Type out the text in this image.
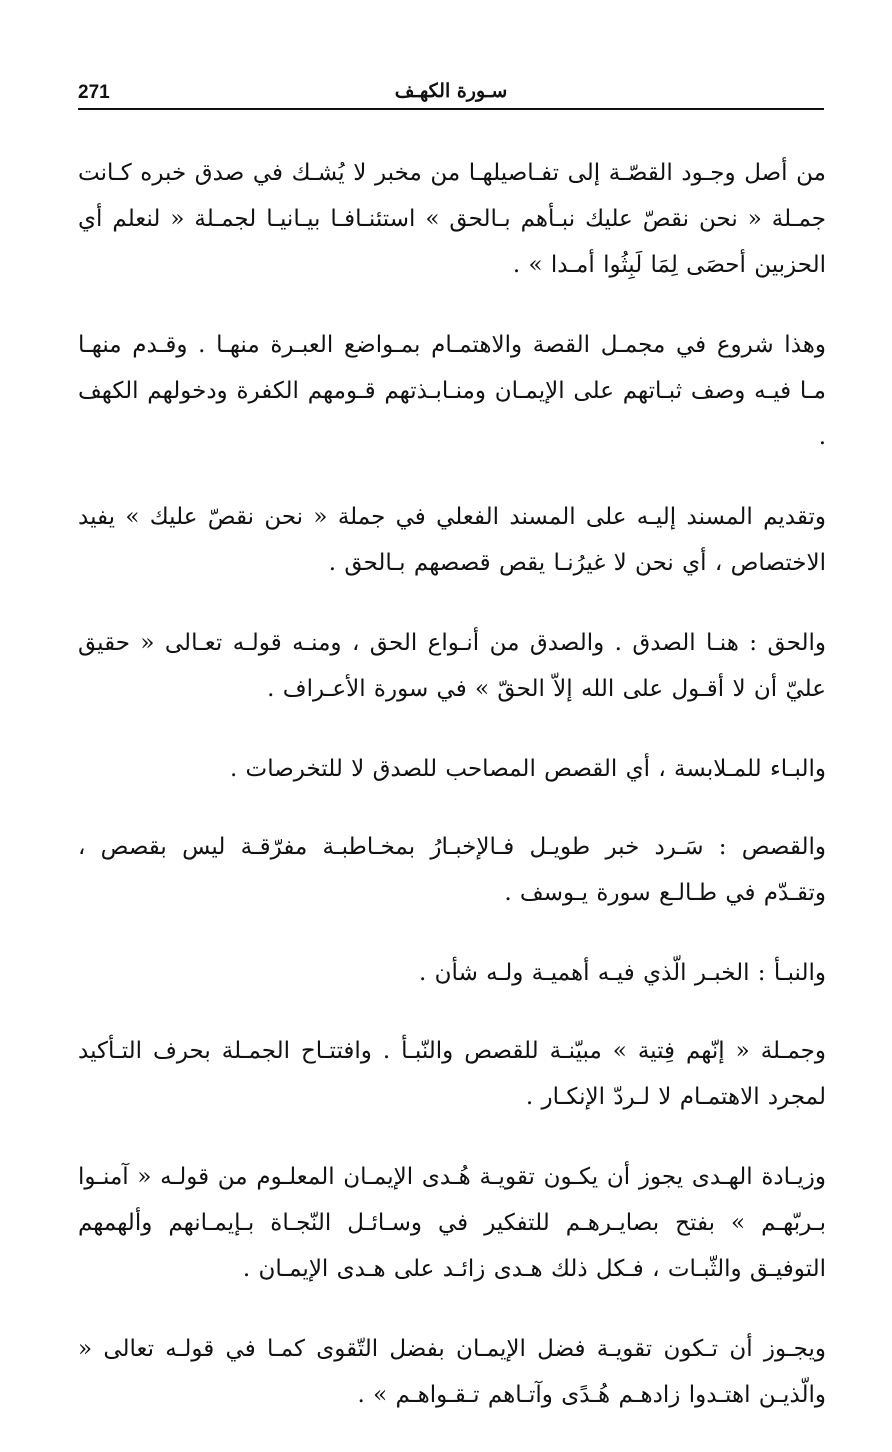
271	سـورة الكهـف

من أصل وجـود القصّـة إلى تفـاصيلهـا من مخبر لا يُشـك في صدق خبره كـانت جمـلة « نحن نقصّ عليك نبـأهم بـالحق » استئنـافـا بيـانيـا لجمـلة « لنعلم أي الحزبين أحصَى لِمَا لَبِثُوا أمـدا » .

وهذا شروع في مجمـل القصة والاهتمـام بمـواضع العبـرة منهـا . وقـدم منهـا مـا فيـه وصف ثبـاتهم على الإيمـان ومنـابـذتهم قـومهم الكفرة ودخولهم الكهف .

وتقديم المسند إليـه على المسند الفعلي في جملة « نحن نقصّ عليك » يفيد الاختصاص ، أي نحن لا غيرُنـا يقص قصصهم بـالحق .

والحق : هنـا الصدق . والصدق من أنـواع الحق ، ومنـه قولـه تعـالى « حقيق عليّ أن لا أقـول على الله إلاّ الحقّ » في سورة الأعـراف .

والبـاء للمـلابسة ، أي القصص المصاحب للصدق لا للتخرصات .

والقصص : سَـرد خبر طويـل فـالإخبـارُ بمخـاطبـة مفرّقـة ليس بقصص ، وتقـدّم في طـالـع سورة يـوسف .

والنبـأ : الخبـر الّذي فيـه أهميـة ولـه شأن .

وجمـلة « إنّهم فِتية » مبيّنـة للقصص والنّبـأ . وافتتـاح الجمـلة بحرف التـأكيد لمجرد الاهتمـام لا لـردّ الإنكـار .

وزيـادة الهـدى يجوز أن يكـون تقويـة هُـدى الإيمـان المعلـوم من قولـه « آمنـوا بـربّهـم » بفتح بصايـرهـم للتفكير في وسـائـل النّجـاة بـإيمـانهم وألهمهم التوفيـق والثّبـات ، فـكل ذلك هـدى زائـد على هـدى الإيمـان .

ويجـوز أن تـكون تقويـة فضل الإيمـان بفضل التّقوى كمـا في قولـه تعالى « والّذيـن اهتـدوا زادهـم هُـدًى وآتـاهم تـقـواهـم » .
